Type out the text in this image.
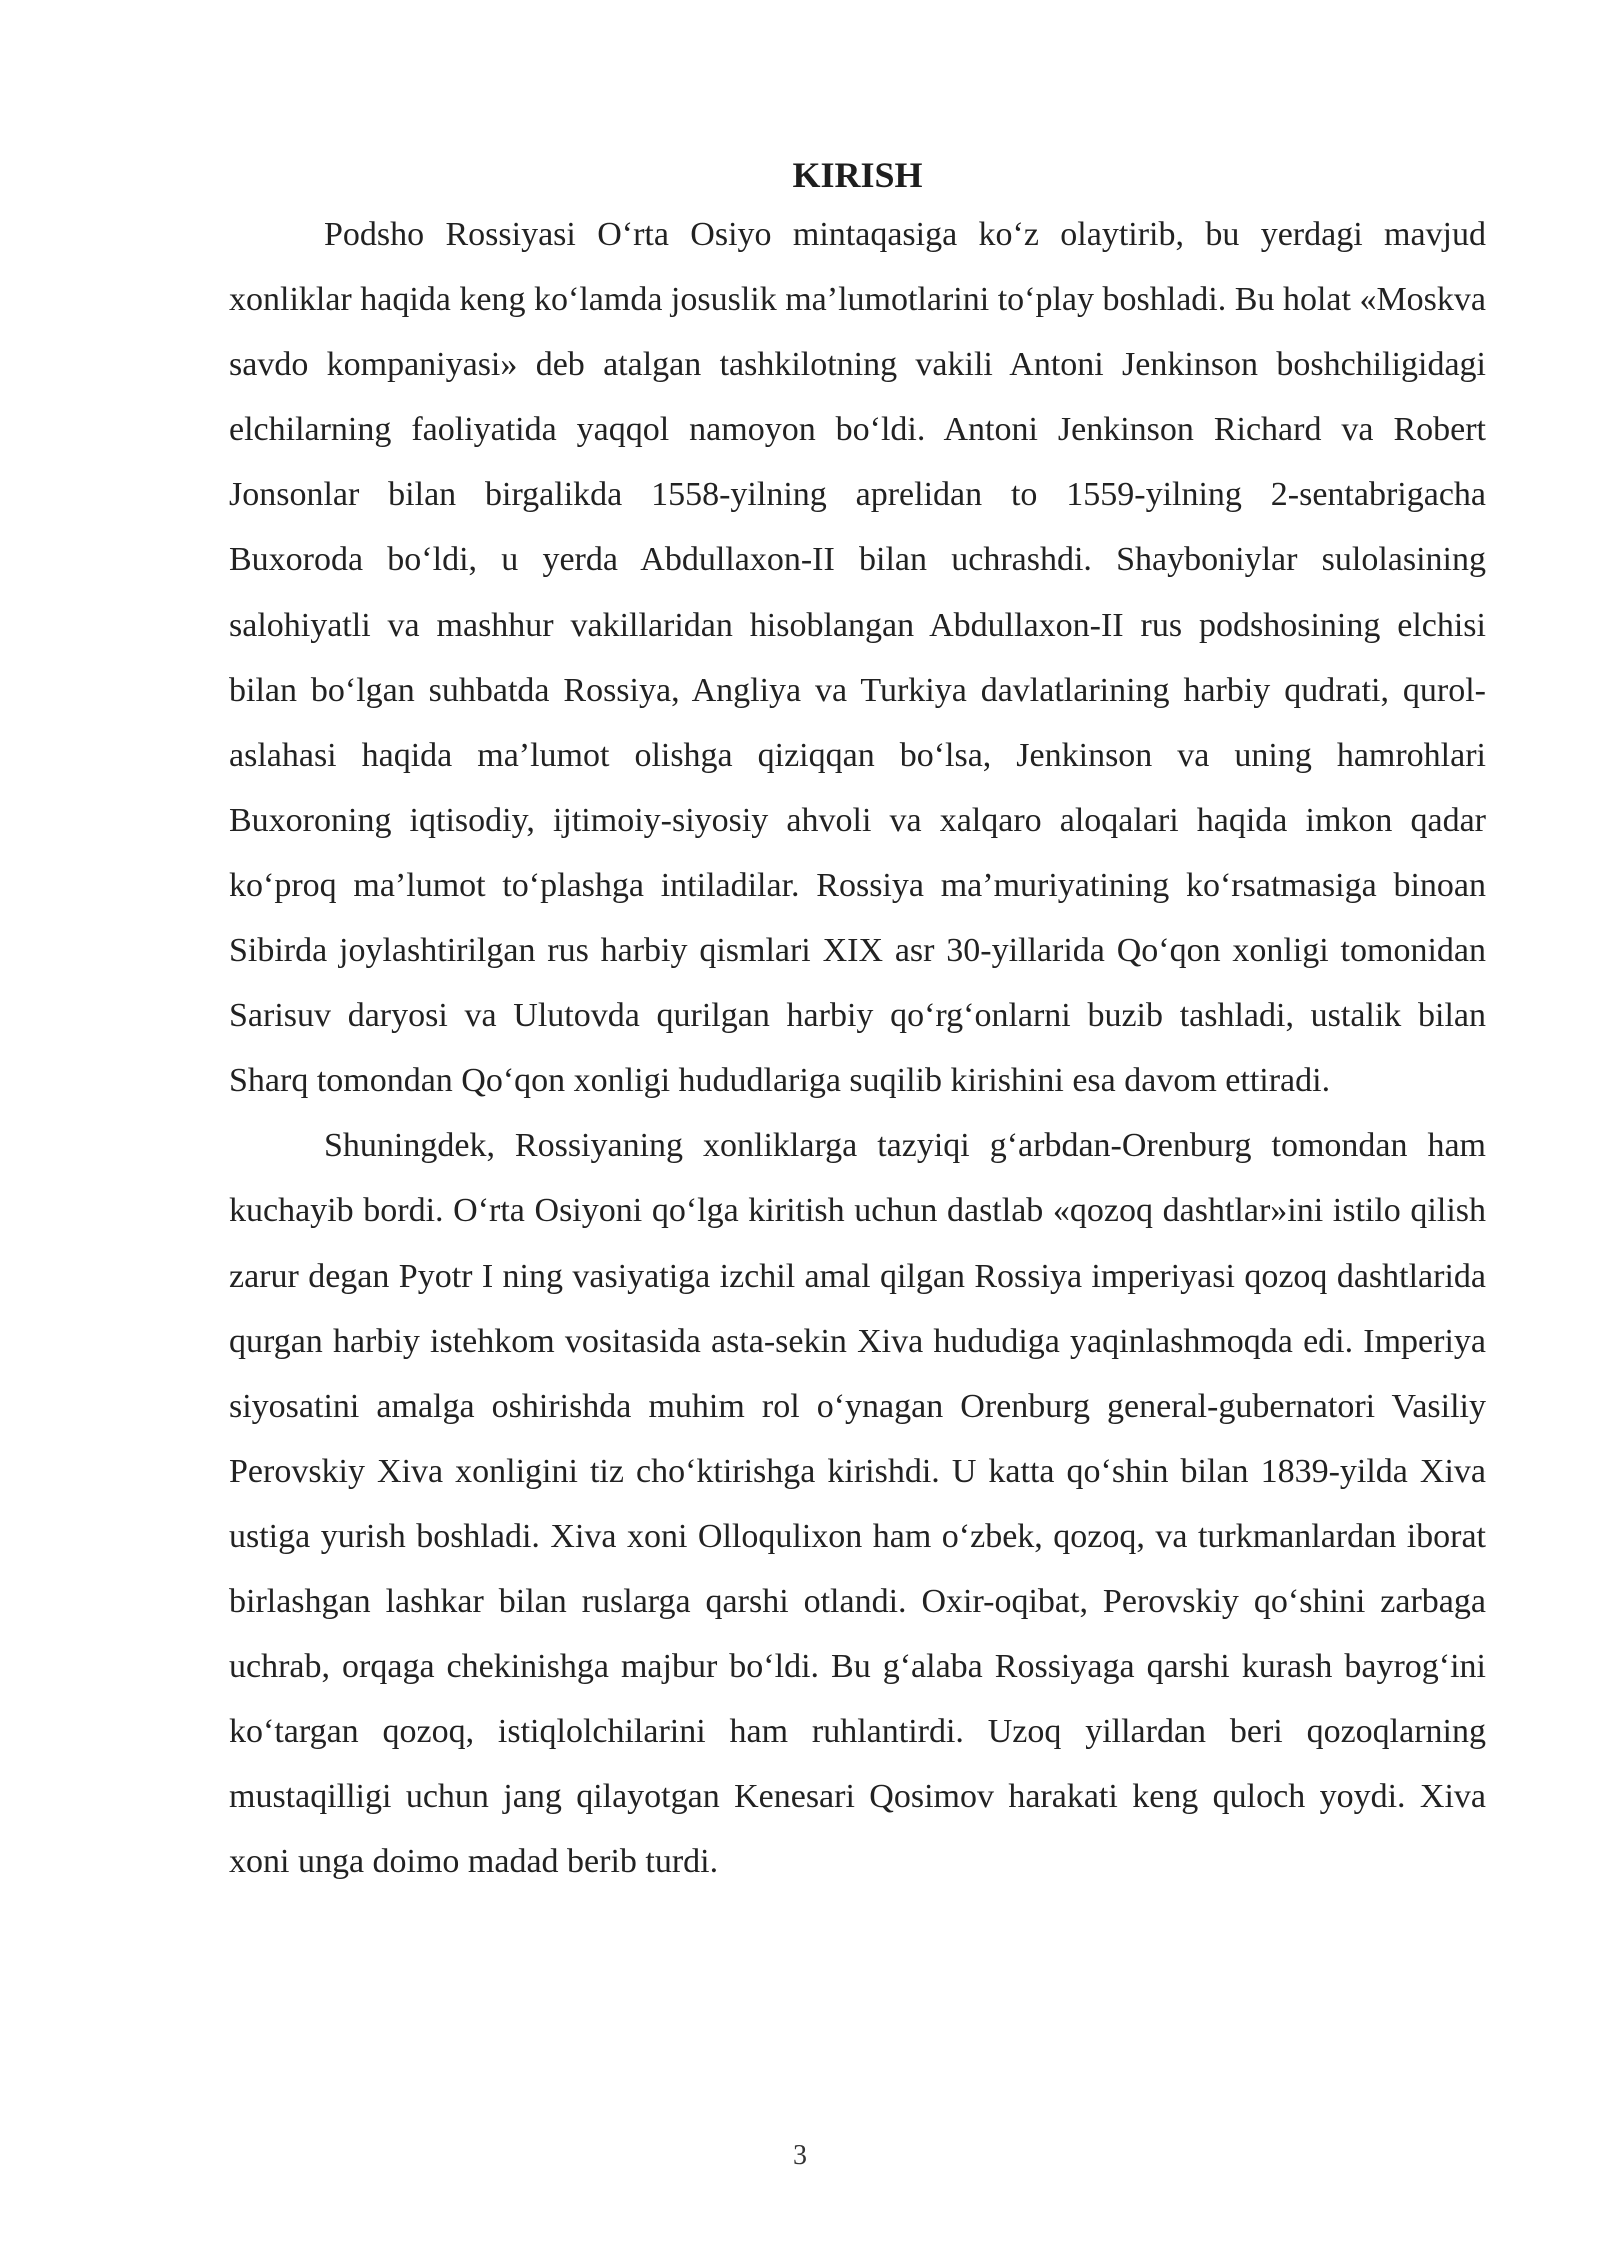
KIRISH

Podsho Rossiyasi O‘rta Osiyo mintaqasiga ko‘z olaytirib, bu yerdagi mavjud xonliklar haqida keng ko‘lamda josuslik ma’lumotlarini to‘play boshladi. Bu holat «Moskva savdo kompaniyasi» deb atalgan tashkilotning vakili Antoni Jenkinson boshchiligidagi elchilarning faoliyatida yaqqol namoyon bo‘ldi. Antoni Jenkinson Richard va Robert Jonsonlar bilan birgalikda 1558-yilning aprelidan to 1559-yilning 2-sentabrigacha Buxoroda bo‘ldi, u yerda Abdullaxon-II bilan uchrashdi. Shayboniylar sulolasining salohiyatli va mashhur vakillaridan hisoblangan Abdullaxon-II rus podshosining elchisi bilan bo‘lgan suhbatda Rossiya, Angliya va Turkiya davlatlarining harbiy qudrati, qurol-aslahasi haqida ma’lumot olishga qiziqqan bo‘lsa, Jenkinson va uning hamrohlari Buxoroning iqtisodiy, ijtimoiy-siyosiy ahvoli va xalqaro aloqalari haqida imkon qadar ko‘proq ma’lumot to‘plashga intiladilar. Rossiya ma’muriyatining ko‘rsatmasiga binoan Sibirda joylashtirilgan rus harbiy qismlari XIX asr 30-yillarida Qo‘qon xonligi tomonidan Sarisuv daryosi va Ulutovda qurilgan harbiy qo‘rg‘onlarni buzib tashladi, ustalik bilan Sharq tomondan Qo‘qon xonligi hududlariga suqilib kirishini esa davom ettiradi.

Shuningdek, Rossiyaning xonliklarga tazyiqi g‘arbdan-Orenburg tomondan ham kuchayib bordi. O‘rta Osiyoni qo‘lga kiritish uchun dastlab «qozoq dashtlar»ini istilo qilish zarur degan Pyotr I ning vasiyatiga izchil amal qilgan Rossiya imperiyasi qozoq dashtlarida qurgan harbiy istehkom vositasida asta-sekin Xiva hududiga yaqinlashmoqda edi. Imperiya siyosatini amalga oshirishda muhim rol o‘ynagan Orenburg general-gubernatori Vasiliy Perovskiy Xiva xonligini tiz cho‘ktirishga kirishdi. U katta qo‘shin bilan 1839-yilda Xiva ustiga yurish boshladi. Xiva xoni Olloqulixon ham o‘zbek, qozoq, va turkmanlardan iborat birlashgan lashkar bilan ruslarga qarshi otlandi. Oxir-oqibat, Perovskiy qo‘shini zarbaga uchrab, orqaga chekinishga majbur bo‘ldi. Bu g‘alaba Rossiyaga qarshi kurash bayrog‘ini ko‘targan qozoq, istiqlolchilarini ham ruhlantirdi. Uzoq yillardan beri qozoqlarning mustaqilligi uchun jang qilayotgan Kenesari Qosimov harakati keng quloch yoydi. Xiva xoni unga doimo madad berib turdi.

3
